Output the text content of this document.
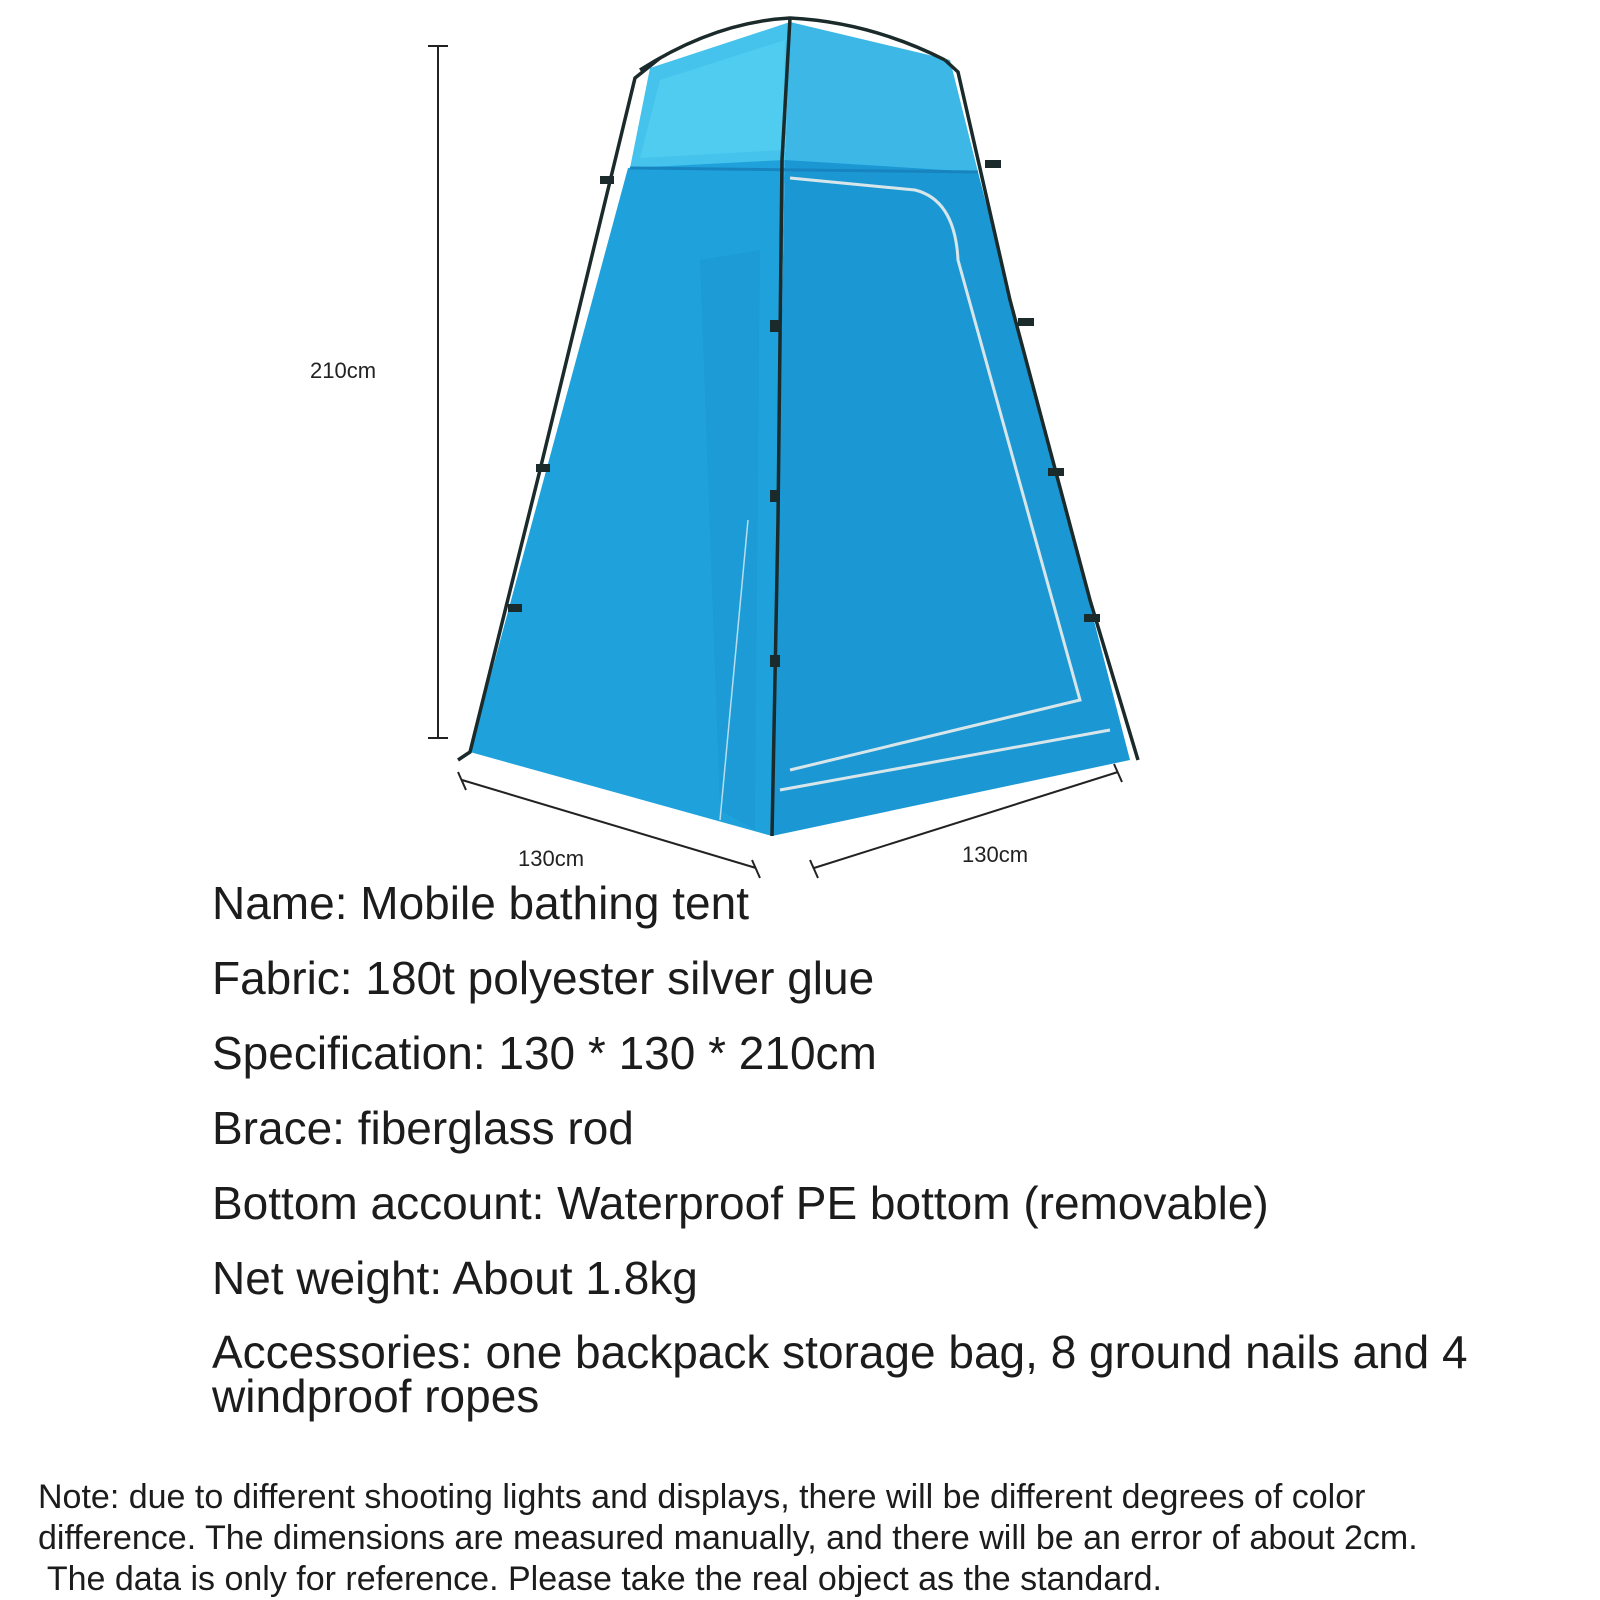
210cm
130cm	130cm
Name: Mobile bathing tent
Fabric: 180t polyester silver glue
Specification: 130 * 130 * 210cm
Brace: fiberglass rod
Bottom account: Waterproof PE bottom (removable)
Net weight: About 1.8kg
Accessories: one backpack storage bag, 8 ground nails and 4 windproof ropes
Note: due to different shooting lights and displays, there will be different degrees of color
difference. The dimensions are measured manually, and there will be an error of about 2cm.
The data is only for reference. Please take the real object as the standard.
